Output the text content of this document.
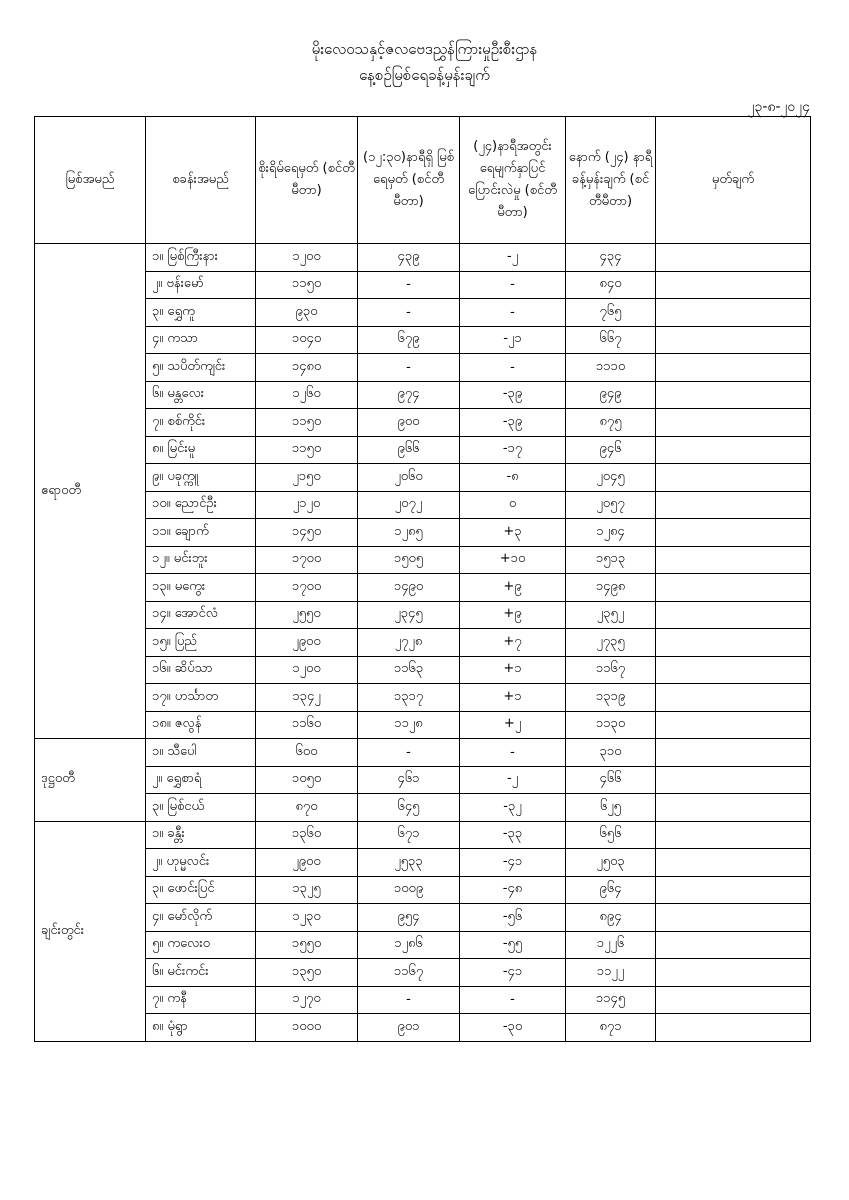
မိုးလေဝသနှင့်ဇလဗေဒညွှန်ကြားမှုဦးစီးဌာန
နေ့စဉ်မြစ်ရေခန့်မှန်းချက်
၂၃-၈-၂၀၂၄
မြစ်အမည်	စခန်းအမည်	စိုးရိမ်ရေမှတ် (စင်တီမီတာ)	(၁၂:၃၀)နာရီရှိ မြစ်ရေမှတ် (စင်တီမီတာ)	(၂၄)နာရီအတွင်း ရေမျက်နှာပြင် ပြောင်းလဲမှု (စင်တီမီတာ)	နောက် (၂၄) နာရီ ခန့်မှန်းချက် (စင်တီမီတာ)	မှတ်ချက်
ဧရာဝတီ	၁။ မြစ်ကြီးနား	၁၂၀၀	၄၃၉	-၂	၄၃၄	
	၂။ ဗန်းမော်	၁၁၅၀	-	-	၈၄၀	
	၃။ ရွှေကူ	၉၃၀	-	-	၇၆၅	
	၄။ ကသာ	၁၀၄၀	၆၇၉	-၂၁	၆၆၇	
	၅။ သပိတ်ကျင်း	၁၄၈၀	-	-	၁၁၁၀	
	၆။ မန္တလေး	၁၂၆၀	၉၇၄	-၃၉	၉၄၉	
	၇။ စစ်ကိုင်း	၁၁၅၀	၉၀၀	-၃၉	၈၇၅	
	၈။ မြင်းမူ	၁၁၅၀	၉၆၆	-၁၇	၉၄၆	
	၉။ ပခုက္ကူ	၂၁၅၀	၂၀၆၀	-၈	၂၀၄၅	
	၁၀။ ညောင်ဦး	၂၁၂၀	၂၀၇၂	၀	၂၀၅၇	
	၁၁။ ချောက်	၁၄၅၀	၁၂၈၅	+၃	၁၂၈၄	
	၁၂။ မင်းဘူး	၁၇၀၀	၁၅၀၅	+၁၀	၁၅၁၃	
	၁၃။ မကွေး	၁၇၀၀	၁၄၉၀	+၉	၁၄၉၈	
	၁၄။ အောင်လံ	၂၅၅၀	၂၃၄၅	+၉	၂၃၅၂	
	၁၅။ ပြည်	၂၉၀၀	၂၇၂၈	+၇	၂၇၃၅	
	၁၆။ ဆိပ်သာ	၁၂၀၀	၁၁၆၃	+၁	၁၁၆၇	
	၁၇။ ဟင်္သာတ	၁၃၄၂	၁၃၁၇	+၁	၁၃၁၉	
	၁၈။ ဇလွန်	၁၁၆၀	၁၁၂၈	+၂	၁၁၃၀	
ဒုဋ္ဌဝတီ	၁။ သီပေါ	၆၀၀	-	-	၃၁၀	
	၂။ ရွှေစာရံ	၁၀၅၀	၄၆၁	-၂	၄၆၆	
	၃။ မြစ်ငယ်	၈၇၀	၆၄၅	-၃၂	၆၂၅	
ချင်းတွင်း	၁။ ခန္တီး	၁၃၆၀	၆၇၁	-၃၃	၆၅၆	
	၂။ ဟုမ္မလင်း	၂၉၀၀	၂၅၃၃	-၄၁	၂၅၀၃	
	၃။ ဖောင်းပြင်	၁၃၂၅	၁၀၀၉	-၄၈	၉၆၄	
	၄။ မော်လိုက်	၁၂၃၀	၉၅၄	-၅၆	၈၉၄	
	၅။ ကလေးဝ	၁၅၅၀	၁၂၈၆	-၅၅	၁၂၂၆	
	၆။ မင်းကင်း	၁၃၅၀	၁၁၆၇	-၄၁	၁၁၂၂	
	၇။ ကနီ	၁၂၇၀	-	-	၁၁၄၅	
	၈။ မုံရွာ	၁၀၀၀	၉၀၁	-၃၀	၈၇၁	
